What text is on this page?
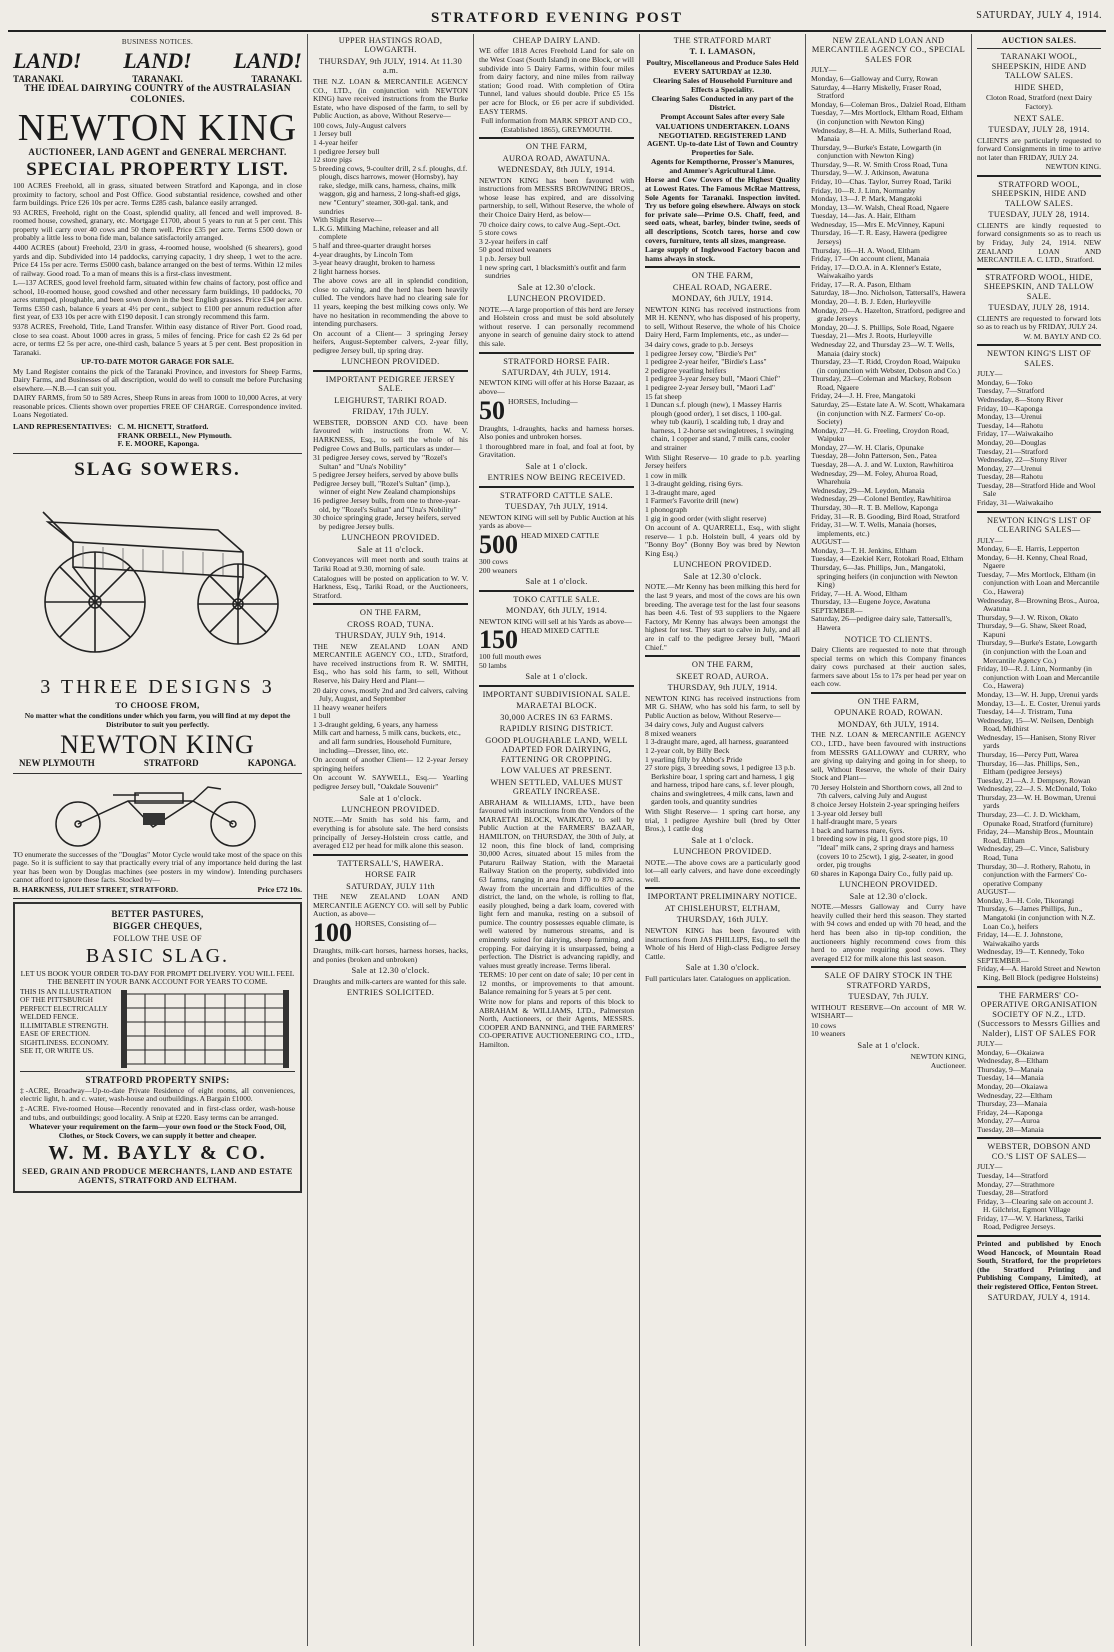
STRATFORD EVENING POST	SATURDAY, JULY 4, 1914.
BUSINESS NOTICES.
LAND! LAND! LAND!
TARANAKI.	TARANAKI.	TARANAKI.
THE IDEAL DAIRYING COUNTRY of the AUSTRALASIAN COLONIES.
NEWTON KING
AUCTIONEER, LAND AGENT and GENERAL MERCHANT.
SPECIAL PROPERTY LIST.

100 ACRES Freehold, all in grass, situated between Stratford and Kaponga, and in close proximity to factory, school and Post Office. Good substantial residence, cowshed and other farm buildings. Price £26 10s per acre. Terms £285 cash, balance easily arranged.

93 ACRES, Freehold, right on the Coast, splendid quality, all fenced and well improved. 8-roomed house, cowshed, granary, etc. Mortgage £1700, about 5 years to run at 5 per cent. This property will carry over 40 cows and 50 them well. Price £35 per acre. Terms £500 down or probably a little less to bona fide man, balance satisfactorily arranged.

4400 ACRES (about) Freehold, 23/0 in grass, 4-roomed house, woolshed (6 shearers), good yards and dip. Subdivided into 14 paddocks, carrying capacity, 1 dry sheep, 1 wet to the acre. Price £4 15s per acre. Terms £5000 cash, balance arranged on the best of terms. Within 12 miles of railway. Good road. To a man of means this is a first-class investment.

L—137 ACRES, good level freehold farm, situated within few chains of factory, post office and school, 10-roomed house, good cowshed and other necessary farm buildings, 10 paddocks, 70 acres stumped, ploughable, and been sown down in the best English grasses. Price £34 per acre. Terms £350 cash, balance 6 years at 4½ per cent., subject to £100 per annum reduction after first year, of £33 10s per acre with £190 deposit. I can strongly recommend this farm.

9378 ACRES, Freehold, Title, Land Transfer. Within easy distance of River Port. Good road, close to sea coast. About 1000 acres in grass, 5 miles of fencing. Price for cash £2 2s 6d per acre, or terms £2 5s per acre, one-third cash, balance 5 years at 5 per cent. Best proposition in Taranaki.

UP-TO-DATE MOTOR GARAGE FOR SALE.

My Land Register contains the pick of the Taranaki Province, and investors for Sheep Farms, Dairy Farms, and Businesses of all description, would do well to consult me before Purchasing elsewhere.—N.B.—I can suit you.

DAIRY FARMS, from 50 to 589 Acres, Sheep Runs in areas from 1000 to 10,000 Acres, at very reasonable prices. Clients shown over properties FREE OF CHARGE. Correspondence invited. Loans Negotiated.

LAND REPRESENTATIVES: C. M. HICNETT, Stratford.
FRANK ORBELL, New Plymouth.
F. E. MOORE, Kaponga.
SLAG SOWERS.
3 THREE DESIGNS 3
TO CHOOSE FROM,

No matter what the conditions under which you farm, you will find at my depot the Distributor to suit you perfectly.

NEWTON KING
NEW PLYMOUTH	STRATFORD	KAPONGA.

TO enumerate the successes of the "Douglas" Motor Cycle would take most of the space on this page. So it is sufficient to say that practically every trial of any importance held during the last year has been won by Douglas machines (see posters in my window). Intending purchasers cannot afford to ignore these facts. Stocked by—

B. HARKNESS, JULIET STREET, STRATFORD.	Price £72 10s.
BETTER PASTURES,
BIGGER CHEQUES,
FOLLOW THE USE OF
BASIC SLAG.

LET US BOOK YOUR ORDER TO-DAY FOR PROMPT DELIVERY. YOU WILL FEEL THE BENEFIT IN YOUR BANK ACCOUNT FOR YEARS TO COME.

THIS IS AN ILLUSTRATION OF THE PITTSBURGH PERFECT ELECTRICALLY WELDED FENCE. ILLIMITABLE STRENGTH. EASE OF ERECTION. SIGHTLINESS. ECONOMY. SEE IT, OR WRITE US.
STRATFORD PROPERTY SNIPS:

‡-ACRE, Broadway—Up-to-date Private Residence of eight rooms, all conveniences, electric light, h. and c. water, wash-house and outbuildings. A Bargain £1000.

‡-ACRE. Five-roomed House—Recently renovated and in first-class order, wash-house and tubs, and outbuildings; good locality. A Snip at £220. Easy terms can be arranged.

Whatever your requirement on the farm—your own food or the Stock Food, Oil, Clothes, or Stock Covers, we can supply it better and cheaper.

W. M. BAYLY & CO.
SEED, GRAIN AND PRODUCE MERCHANTS, LAND AND ESTATE AGENTS, STRATFORD AND ELTHAM.
UPPER HASTINGS ROAD, LOWGARTH.
THURSDAY, 9th JULY, 1914. At 11.30 a.m.

THE N.Z. LOAN & MERCANTILE AGENCY CO., LTD., (in conjunction with NEWTON KING) have received instructions from the Burke Estate, who have disposed of the farm, to sell by Public Auction, as above, Without Reserve—

100 cows, July-August calvers

1 Jersey bull

1 4-year heifer

1 pedigree Jersey bull

12 store pigs

5 breeding cows, 9-coulter drill, 2 s.f. ploughs, d.f. plough, discs harrows, mower (Hornsby), hay rake, sledge, milk cans, harness, chains, milk waggon, gig and harness, 2 long-shaft-ed gigs, new "Century" steamer, 300-gal. tank, and sundries

With Slight Reserve—

L.K.G. Milking Machine, releaser and all complete

5 half and three-quarter draught horses

4-year draughts, by Lincoln Tom

3-year heavy draught, broken to harness

2 light harness horses.

The above cows are all in splendid condition, close to calving, and the herd has been heavily culled. The vendors have had no clearing sale for 11 years, keeping the best milking cows only. We have no hesitation in recommending the above to intending purchasers.

On account of a Client— 3 springing Jersey heifers, August-September calvers, 2-year filly, pedigree Jersey bull, tip spring dray.

LUNCHEON PROVIDED.
IMPORTANT PEDIGREE JERSEY SALE.
LEIGHURST, TARIKI ROAD.
FRIDAY, 17th JULY.

WEBSTER, DOBSON AND CO. have been favoured with instructions from W. V. HARKNESS, Esq., to sell the whole of his Pedigree Cows and Bulls, particulars as under—

31 pedigree Jersey cows, served by "Rozel's Sultan" and "Una's Nobility"

5 pedigree Jersey heifers, served by above bulls

Pedigree Jersey bull, "Rozel's Sultan" (imp.), winner of eight New Zealand championships

16 pedigree Jersey bulls, from one to three-year-old, by "Rozel's Sultan" and "Una's Nobility"

30 choice springing grade, Jersey heifers, served by pedigree Jersey bulls.

LUNCHEON PROVIDED.
Sale at 11 o'clock.

Conveyances will meet north and south trains at Tariki Road at 9.30, morning of sale.

Catalogues will be posted on application to W. V. Harkness, Esq., Tariki Road, or the Auctioneers, Stratford.

ON THE FARM,
CROSS ROAD, TUNA.
THURSDAY, JULY 9th, 1914.

THE NEW ZEALAND LOAN AND MERCANTILE AGENCY CO., LTD., Stratford, have received instructions from R. W. SMITH, Esq., who has sold his farm, to sell, Without Reserve, his Dairy Herd and Plant—

20 dairy cows, mostly 2nd and 3rd calvers, calving July, August, and September

11 heavy weaner heifers

1 bull

1 3-draught gelding, 6 years, any harness

Milk cart and harness, 5 milk cans, buckets, etc., and all farm sundries, Household Furniture, including—Dresser, lino, etc.

On account of another Client— 12 2-year Jersey springing heifers

On account W. SAYWELL, Esq.— Yearling pedigree Jersey bull, "Oakdale Souvenir"

Sale at 1 o'clock.
LUNCHEON PROVIDED.

NOTE.—Mr Smith has sold his farm, and everything is for absolute sale. The herd consists principally of Jersey-Holstein cross cattle, and averaged £12 per head for milk alone this season.

TATTERSALL'S, HAWERA.
HORSE FAIR
SATURDAY, JULY 11th

THE NEW ZEALAND LOAN AND MERCANTILE AGENCY CO. will sell by Public Auction, as above—

100 HORSES, Consisting of—

Draughts, milk-cart horses, harness horses, hacks, and ponies (broken and unbroken)

Sale at 12.30 o'clock.

Draughts and milk-carters are wanted for this sale.

ENTRIES SOLICITED.
CHEAP DAIRY LAND.

WE offer 1818 Acres Freehold Land for sale on the West Coast (South Island) in one Block, or will subdivide into 5 Dairy Farms, within four miles from dairy factory, and nine miles from railway station; Good road. With completion of Otira Tunnel, land values should double. Price £5 15s per acre for Block, or £6 per acre if subdivided. EASY TERMS.

Full information from MARK SPROT AND CO., (Established 1865), GREYMOUTH.

ON THE FARM,
AUROA ROAD, AWATUNA.
WEDNESDAY, 8th JULY, 1914.

NEWTON KING has been favoured with instructions from MESSRS BROWNING BROS., whose lease has expired, and are dissolving partnership, to sell, Without Reserve, the whole of their Choice Dairy Herd, as below—

70 choice dairy cows, to calve Aug.-Sept.-Oct.

5 store cows

3 2-year heifers in calf

50 good mixed weaners

1 p.b. Jersey bull

1 new spring cart, 1 blacksmith's outfit and farm sundries

Sale at 12.30 o'clock.
LUNCHEON PROVIDED.

NOTE.—A large proportion of this herd are Jersey and Holstein cross and must be sold absolutely without reserve. I can personally recommend anyone in search of genuine dairy stock to attend this sale.

STRATFORD HORSE FAIR.
SATURDAY, 4th JULY, 1914.

NEWTON KING will offer at his Horse Bazaar, as above—

50 HORSES, Including—

Draughts, 1-draughts, hacks and harness horses. Also ponies and unbroken horses.

1 thoroughbred mare in foal, and foal at foot, by Gravitation.

Sale at 1 o'clock.
ENTRIES NOW BEING RECEIVED.
STRATFORD CATTLE SALE.
TUESDAY, 7th JULY, 1914.

NEWTON KING will sell by Public Auction at his yards as above—

500 HEAD MIXED CATTLE

300 cows

200 weaners

Sale at 1 o'clock.
TOKO CATTLE SALE.
MONDAY, 6th JULY, 1914.

NEWTON KING will sell at his Yards as above—

150 HEAD MIXED CATTLE

100 full mouth ewes

50 lambs

Sale at 1 o'clock.
IMPORTANT SUBDIVISIONAL SALE.
MARAETAI BLOCK.
30,000 ACRES IN 63 FARMS.
RAPIDLY RISING DISTRICT.
GOOD PLOUGHABLE LAND, WELL ADAPTED FOR DAIRYING, FATTENING OR CROPPING.
LOW VALUES AT PRESENT.
WHEN SETTLED, VALUES MUST GREATLY INCREASE.

ABRAHAM & WILLIAMS, LTD., have been favoured with instructions from the Vendors of the MARAETAI BLOCK, WAIKATO, to sell by Public Auction at the FARMERS' BAZAAR, HAMILTON, on THURSDAY, the 30th of July, at 12 noon, this fine block of land, comprising 30,000 Acres, situated about 15 miles from the Putaruru Railway Station, with the Maraetai Railway Station on the property, subdivided into 63 farms, ranging in area from 170 to 870 acres. Away from the uncertain and difficulties of the district, the land, on the whole, is rolling to flat, easily ploughed, being a dark loam, covered with light fern and manuka, resting on a subsoil of pumice. The country possesses equable climate, is well watered by numerous streams, and is eminently suited for dairying, sheep farming, and cropping. For dairying it is unsurpassed, being a perfection. The District is advancing rapidly, and values must greatly increase. Terms liberal.

TERMS: 10 per cent on date of sale; 10 per cent in 12 months, or improvements to that amount. Balance remaining for 5 years at 5 per cent.

Write now for plans and reports of this block to ABRAHAM & WILLIAMS, LTD., Palmerston North, Auctioneers, or their Agents, MESSRS. COOPER AND BANNING, and THE FARMERS' CO-OPERATIVE AUCTIONEERING CO., LTD., Hamilton.

THE STRATFORD MART
T. I. LAMASON,

Poultry, Miscellaneous and Produce Sales Held EVERY SATURDAY at 12.30.

Clearing Sales of Household Furniture and Effects a Speciality.

Clearing Sales Conducted in any part of the District.

Prompt Account Sales after every Sale

VALUATIONS UNDERTAKEN. LOANS NEGOTIATED. REGISTERED LAND AGENT. Up-to-date List of Town and Country Properties for Sale.

Agents for Kempthorne, Prosser's Manures, and Ammer's Agricultural Lime.

Horse and Cow Covers of the Highest Quality at Lowest Rates. The Famous McRae Mattress, Sole Agents for Taranaki. Inspection invited. Try us before going elsewhere. Always on stock for private sale—Prime O.S. Chaff, feed, and seed oats, wheat, barley, binder twine, seeds of all descriptions, Scotch tares, horse and cow covers, furniture, tents all sizes, mangrease.

Large supply of Inglewood Factory bacon and hams always in stock.

ON THE FARM,
CHEAL ROAD, NGAERE.
MONDAY, 6th JULY, 1914.

NEWTON KING has received instructions from MR H. KENNY, who has disposed of his property, to sell, Without Reserve, the whole of his Choice Dairy Herd, Farm Implements, etc., as under—

34 dairy cows, grade to p.b. Jerseys

1 pedigree Jersey cow, "Birdie's Pet"

1 pedigree 2-year heifer, "Birdie's Lass"

2 pedigree yearling heifers

1 pedigree 3-year Jersey bull, "Maori Chief"

1 pedigree 2-year Jersey bull, "Maori Lad"

15 fat sheep

1 Duncan s.f. plough (new), 1 Massey Harris plough (good order), 1 set discs, 1 100-gal. whey tub (kauri), 1 scalding tub, 1 dray and harness, 1 2-horse set swingletrees, 1 swinging chain, 1 copper and stand, 7 milk cans, cooler and strainer

With Slight Reserve— 10 grade to p.b. yearling Jersey heifers

1 cow in milk

1 3-draught gelding, rising 6yrs.

1 3-draught mare, aged

1 Farmer's Favorite drill (new)

1 phonograph

1 gig in good order (with slight reserve)

On account of A. QUARRELL, Esq., with slight reserve— 1 p.b. Holstein bull, 4 years old by "Bonny Boy" (Bonny Boy was bred by Newton King Esq.)

LUNCHEON PROVIDED.
Sale at 12.30 o'clock.

NOTE.—Mr Kenny has been milking this herd for the last 9 years, and most of the cows are his own breeding. The average test for the last four seasons has been 4.6. Test of 93 suppliers to the Ngaere Factory, Mr Kenny has always been amongst the highest for test. They start to calve in July, and all are in calf to the pedigree Jersey bull, "Maori Chief."

ON THE FARM,
SKEET ROAD, AUROA.
THURSDAY, 9th JULY, 1914.

NEWTON KING has received instructions from MR G. SHAW, who has sold his farm, to sell by Public Auction as below, Without Reserve—

34 dairy cows, July and August calvers

8 mixed weaners

1 3-draught mare, aged, all harness, guaranteed

1 2-year colt, by Billy Beck

1 yearling filly by Abbot's Pride

27 store pigs, 3 breeding sows, 1 pedigree 13 p.b. Berkshire boar, 1 spring cart and harness, 1 gig and harness, tripod hare cans, s.f. lever plough, chains and swingletrees, 4 milk cans, lawn and garden tools, and quantity sundries

With Slight Reserve— 1 spring cart horse, any trial, 1 pedigree Ayrshire bull (bred by Otter Bros.), 1 cattle dog

Sale at 1 o'clock.
LUNCHEON PROVIDED.

NOTE.—The above cows are a particularly good lot—all early calvers, and have done exceedingly well.

IMPORTANT PRELIMINARY NOTICE.
AT CHISLEHURST, ELTHAM,
THURSDAY, 16th JULY.

NEWTON KING has been favoured with instructions from JAS PHILLIPS, Esq., to sell the Whole of his Herd of High-class Pedigree Jersey Cattle.

Sale at 1.30 o'clock.

Full particulars later. Catalogues on application.

NEW ZEALAND LOAN AND MERCANTILE AGENCY CO., SPECIAL SALES FOR
JULY—

Monday, 6—Galloway and Curry, Rowan

Saturday, 4—Harry Miskelly, Fraser Road, Stratford

Monday, 6—Coleman Bros., Dalziel Road, Eltham

Tuesday, 7—Mrs Mortlock, Eltham Road, Eltham (in conjunction with Newton King)

Wednesday, 8—H. A. Mills, Sutherland Road, Manaia

Thursday, 9—Burke's Estate, Lowgarth (in conjunction with Newton King)

Thursday, 9—R. W. Smith Cross Road, Tuna

Thursday, 9—W. J. Atkinson, Awatuna

Friday, 10—Chas. Taylor, Surrey Road, Tariki

Friday, 10—R. J. Linn, Normanby

Monday, 13—J. P. Mark, Mangatoki

Monday, 13—W. Walsh, Cheal Road, Ngaere

Tuesday, 14—Jas. A. Hair, Eltham

Wednesday, 15—Mrs E. McVinney, Kapuni

Thursday, 16—T. R. Easy, Hawera (pedigree Jerseys)

Thursday, 16—H. A. Wood, Eltham

Friday, 17—On account client, Manaia

Friday, 17—D.O.A. in A. Klenner's Estate, Waiwakaiho yards

Friday, 17—R. A. Pason, Eltham

Saturday, 18—Jno. Nicholson, Tattersall's, Hawera

Monday, 20—I. B. J. Eden, Hurleyville

Monday, 20—A. Hazelton, Stratford, pedigree and grade Jerseys

Monday, 20—J. S. Phillips, Sole Road, Ngaere

Tuesday, 21—Mrs J. Roots, Hurleyville

Wednesday 22, and Thursday 23—W. T. Wells, Manaia (dairy stock)

Thursday, 23—T. Ridd, Croydon Road, Waipuku (in conjunction with Webster, Dobson and Co.)

Thursday, 23—Coleman and Mackey, Robson Road, Ngaere

Friday, 24—J. H. Free, Mangatoki

Saturday, 25—Estate late A. W. Scott, Whakamara (in conjunction with N.Z. Farmers' Co-op. Society)

Monday, 27—H. G. Freeling, Croydon Road, Waipuku

Monday, 27—W. H. Claris, Opunake

Tuesday, 28—John Patterson, Sen., Patea

Tuesday, 28—A. J. and W. Luxton, Rawhitiroa

Wednesday, 29—M. Foley, Ahuroa Road, Wharehuia

Wednesday, 29—M. Leydon, Manaia

Wednesday, 29—Colonel Bentley, Rawhitiroa

Thursday, 30—R. T. B. Mellow, Kaponga

Friday, 31—R. B. Gooding, Bird Road, Stratford

Friday, 31—W. T. Wells, Manaia (horses, implements, etc.)

AUGUST—

Monday, 3—T. H. Jenkins, Eltham

Tuesday, 4—Ezekiel Kerr, Rotokari Road, Eltham

Thursday, 6—Jas. Phillips, Jun., Mangatoki, springing heifers (in conjunction with Newton King)

Friday, 7—H. A. Wood, Eltham

Thursday, 13—Eugene Joyce, Awatuna

SEPTEMBER—

Saturday, 26—pedigree dairy sale, Tattersall's, Hawera

NOTICE TO CLIENTS.

Dairy Clients are requested to note that through special terms on which this Company finances dairy cows purchased at their auction sales, farmers save about 15s to 17s per head per year on each cow.

ON THE FARM,
OPUNAKE ROAD, ROWAN.
MONDAY, 6th JULY, 1914.

THE N.Z. LOAN & MERCANTILE AGENCY CO., LTD., have been favoured with instructions from MESSRS GALLOWAY and CURRY, who are giving up dairying and going in for sheep, to sell, Without Reserve, the whole of their Dairy Stock and Plant—

70 Jersey Holstein and Shorthorn cows, all 2nd to 7th calvers, calving July and August

8 choice Jersey Holstein 2-year springing heifers

1 3-year old Jersey bull

1 half-draught mare, 5 years

1 back and harness mare, 6yrs.

1 breeding sow in pig, 11 good store pigs, 10 "Ideal" milk cans, 2 spring drays and harness (covers 10 to 25cwt), 1 gig, 2-seater, in good order, pig troughs

60 shares in Kaponga Dairy Co., fully paid up.

LUNCHEON PROVIDED.
Sale at 12.30 o'clock.

NOTE.—Messrs Galloway and Curry have heavily culled their herd this season. They started with 94 cows and ended up with 70 head, and the herd has been also in tip-top condition, the auctioneers highly recommend cows from this herd to anyone requiring good cows. They averaged £12 for milk alone this last season.

SALE OF DAIRY STOCK IN THE STRATFORD YARDS,
TUESDAY, 7th JULY.

WITHOUT RESERVE—On account of MR W. WISHART—

10 cows

10 weaners

Sale at 1 o'clock.
NEWTON KING,
Auctioneer.
AUCTION SALES.
TARANAKI WOOL, SHEEPSKIN, HIDE AND TALLOW SALES.
HIDE SHED,

Cloton Road, Stratford (next Dairy Factory).

NEXT SALE.
TUESDAY, JULY 28, 1914.

CLIENTS are particularly requested to forward Consignments in time to arrive not later than FRIDAY, JULY 24.

NEWTON KING.
STRATFORD WOOL, SHEEPSKIN, HIDE AND TALLOW SALES.
TUESDAY, JULY 28, 1914.

CLIENTS are kindly requested to forward consignments so as to reach us by Friday, July 24, 1914. NEW ZEALAND LOAN AND MERCANTILE A. C. LTD., Stratford.

STRATFORD WOOL, HIDE, SHEEPSKIN, AND TALLOW SALE.
TUESDAY, JULY 28, 1914.

CLIENTS are requested to forward lots so as to reach us by FRIDAY, JULY 24.

W. M. BAYLY AND CO.
NEWTON KING'S LIST OF SALES.
JULY—

Monday, 6—Toko

Tuesday, 7—Stratford

Wednesday, 8—Stony River

Friday, 10—Kaponga

Monday, 13—Urenui

Tuesday, 14—Rahotu

Friday, 17—Waiwakaiho

Monday, 20—Douglas

Tuesday, 21—Stratford

Wednesday, 22—Stony River

Monday, 27—Urenui

Tuesday, 28—Rahotu

Tuesday, 28—Stratford Hide and Wool Sale

Friday, 31—Waiwakaiho

NEWTON KING'S LIST OF CLEARING SALES—
JULY—

Monday, 6—E. Harris, Lepperton

Monday, 6—H. Kenny, Cheal Road, Ngaere

Tuesday, 7—Mrs Mortlock, Eltham (in conjunction with Loan and Mercantile Co., Hawera)

Wednesday, 8—Browning Bros., Auroa, Awatuna

Thursday, 9—J. W. Rixon, Okato

Thursday, 9—G. Shaw, Skeet Road, Kapuni

Thursday, 9—Burke's Estate, Lowgarth (in conjunction with the Loan and Mercantile Agency Co.)

Friday, 10—R. J. Linn, Normanby (in conjunction with Loan and Mercantile Co., Hawera)

Monday, 13—W. H. Jupp, Urenui yards

Monday, 13—L. E. Coster, Urenui yards

Tuesday, 14—J. Tristram, Tuna

Wednesday, 15—W. Neilsen, Denbigh Road, Midhirst

Wednesday, 15—Hanisen, Stony River yards

Thursday, 16—Percy Putt, Warea

Thursday, 16—Jas. Phillips, Sen., Eltham (pedigree Jerseys)

Tuesday, 21—A. J. Dempsey, Rowan

Wednesday, 22—J. S. McDonald, Toko

Thursday, 23—W. H. Bowman, Urenui yards

Thursday, 23—C. J. D. Wickham, Opunake Road, Stratford (furniture)

Friday, 24—Manship Bros., Mountain Road, Eltham

Wednesday, 29—C. Vince, Salisbury Road, Tuna

Thursday, 30—J. Rothery, Rahotu, in conjunction with the Farmers' Co-operative Company

AUGUST—

Monday, 3—H. Cole, Tikorangi

Thursday, 6—James Phillips, Jun., Mangatoki (in conjunction with N.Z. Loan Co.), heifers

Friday, 14—E. J. Johnstone, Waiwakaiho yards

Wednesday, 19—T. Kennedy, Toko

SEPTEMBER—

Friday, 4—A. Harold Street and Newton King, Bell Block (pedigree Holsteins)

THE FARMERS' CO-OPERATIVE ORGANISATION SOCIETY OF N.Z., LTD. (Successors to Messrs Gillies and Nalder), LIST OF SALES FOR
JULY—

Monday, 6—Okaiawa

Wednesday, 8—Eltham

Thursday, 9—Manaia

Tuesday, 14—Manaia

Monday, 20—Okaiawa

Wednesday, 22—Eltham

Thursday, 23—Manaia

Friday, 24—Kaponga

Monday, 27—Auroa

Tuesday, 28—Manaia

WEBSTER, DOBSON AND CO.'S LIST OF SALES—
JULY—

Tuesday, 14—Stratford

Monday, 27—Strathmore

Tuesday, 28—Stratford

Friday, 3—Clearing sale on account J. H. Gilchrist, Egmont Village

Friday, 17—W. V. Harkness, Tariki Road, Pedigree Jerseys.

Printed and published by Enoch Wood Hancock, of Mountain Road South, Stratford, for the proprietors (the Stratford Printing and Publishing Company, Limited), at their registered Office, Fenton Street.

SATURDAY, JULY 4, 1914.
